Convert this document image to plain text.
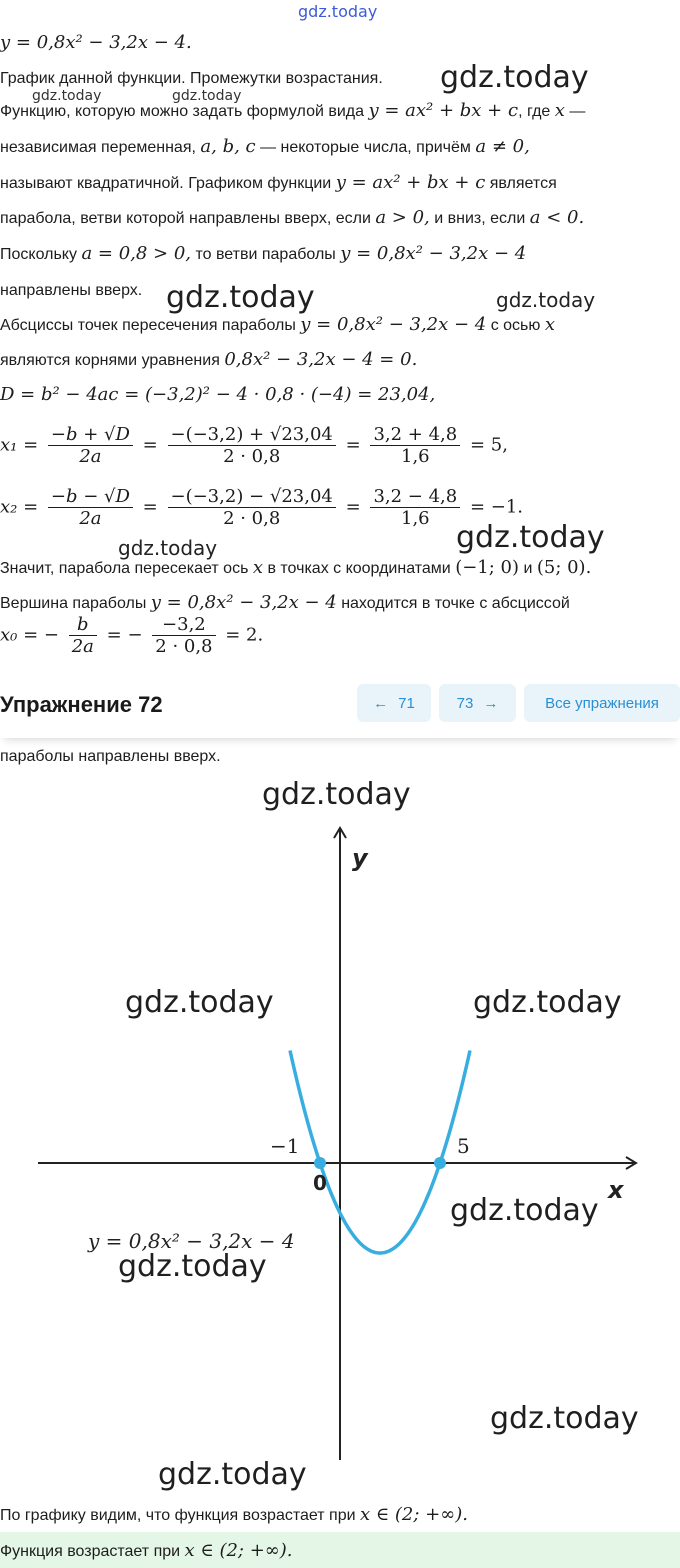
gdz.today
gdz.today
gdz.today	gdz.today
gdz.today	gdz.today
gdz.today
gdz.today
y = 0,8x² − 3,2x − 4.
График данной функции. Промежутки возрастания.
Функцию, которую можно задать формулой вида y = ax² + bx + c, где x —
независимая переменная, a, b, c — некоторые числа, причём a ≠ 0,
называют квадратичной. Графиком функции y = ax² + bx + c является
парабола, ветви которой направлены вверх, если a > 0, и вниз, если a < 0.
Поскольку a = 0,8 > 0, то ветви параболы y = 0,8x² − 3,2x − 4
направлены вверх.
Абсциссы точек пересечения параболы y = 0,8x² − 3,2x − 4 с осью x
являются корнями уравнения 0,8x² − 3,2x − 4 = 0.
D = b² − 4ac = (−3,2)² − 4 · 0,8 · (−4) = 23,04,
$x_1 = \frac{-b + √D}{2a} = \frac{-(-3,2) + √23,04}{2 \cdot 0,8} = \frac{3,2 + 4,8}{1,6} = 5$,
$x_2 = \frac{-b - √D}{2a} = \frac{-(-3,2) - √23,04}{2 \cdot 0,8} = \frac{3,2 - 4,8}{1,6} = -1$.
Значит, парабола пересекает ось x в точках с координатами (−1; 0) и (5; 0).
Вершина параболы y = 0,8x² − 3,2x − 4 находится в точке с абсциссой
x₀ = − $\frac{b}{2a}$ = − $\frac{-3,2}{2 \cdot 0,8} = 2$.
Упражнение 72	← 71	73 →	Все упражнения
параболы направлены вверх.
y
x
0
−1	5
y = 0,8x² − 3,2x − 4
gdz.today
gdz.today	gdz.today
gdz.today
gdz.today
gdz.today
gdz.today
По графику видим, что функция возрастает при x ∈ (2; +∞).
Функция возрастает при x ∈ (2; +∞).
